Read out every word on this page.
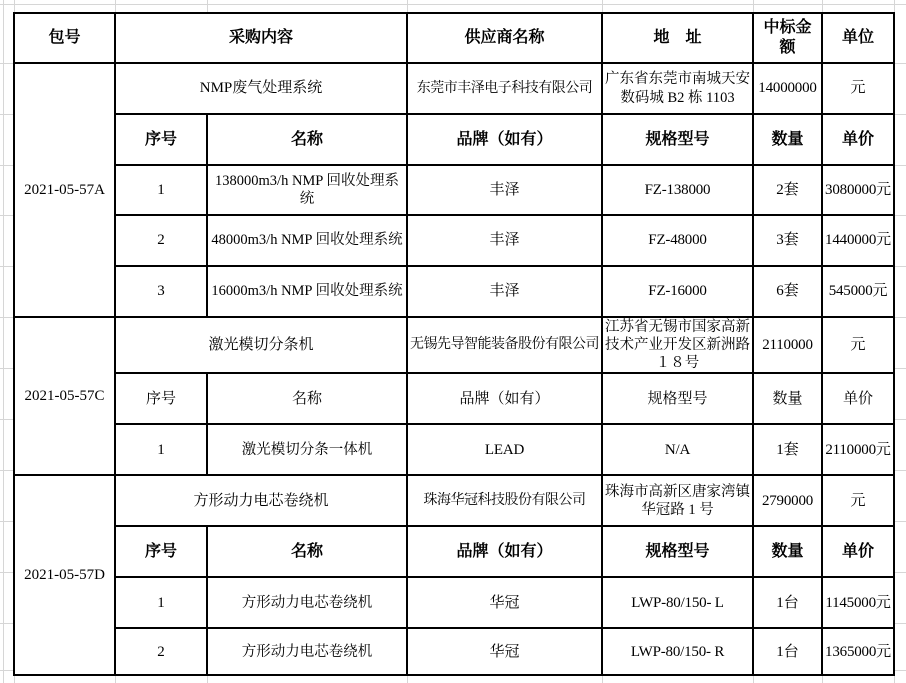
包号	采购内容		供应商名称	地　址	中标金额	单位
2021-05-57A	NMP废气处理系统		东莞市丰泽电子科技有限公司	广东省东莞市南城天安数码城 B2 栋 1103	14000000	元
	序号	名称	品牌（如有）	规格型号	数量	单价
	1	138000m3/h NMP 回收处理系统	丰泽	FZ-138000	2套	3080000元
	2	48000m3/h NMP 回收处理系统	丰泽	FZ-48000	3套	1440000元
	3	16000m3/h NMP 回收处理系统	丰泽	FZ-16000	6套	545000元
2021-05-57C	激光模切分条机		无锡先导智能装备股份有限公司	江苏省无锡市国家高新技术产业开发区新洲路１８号	2110000	元
	序号	名称	品牌（如有）	规格型号	数量	单价
	1	激光模切分条一体机	LEAD	N/A	1套	2110000元
2021-05-57D	方形动力电芯卷绕机		珠海华冠科技股份有限公司	珠海市高新区唐家湾镇华冠路 1 号	2790000	元
	序号	名称	品牌（如有）	规格型号	数量	单价
	1	方形动力电芯卷绕机	华冠	LWP-80/150- L	1台	1145000元
	2	方形动力电芯卷绕机	华冠	LWP-80/150- R	1台	1365000元
